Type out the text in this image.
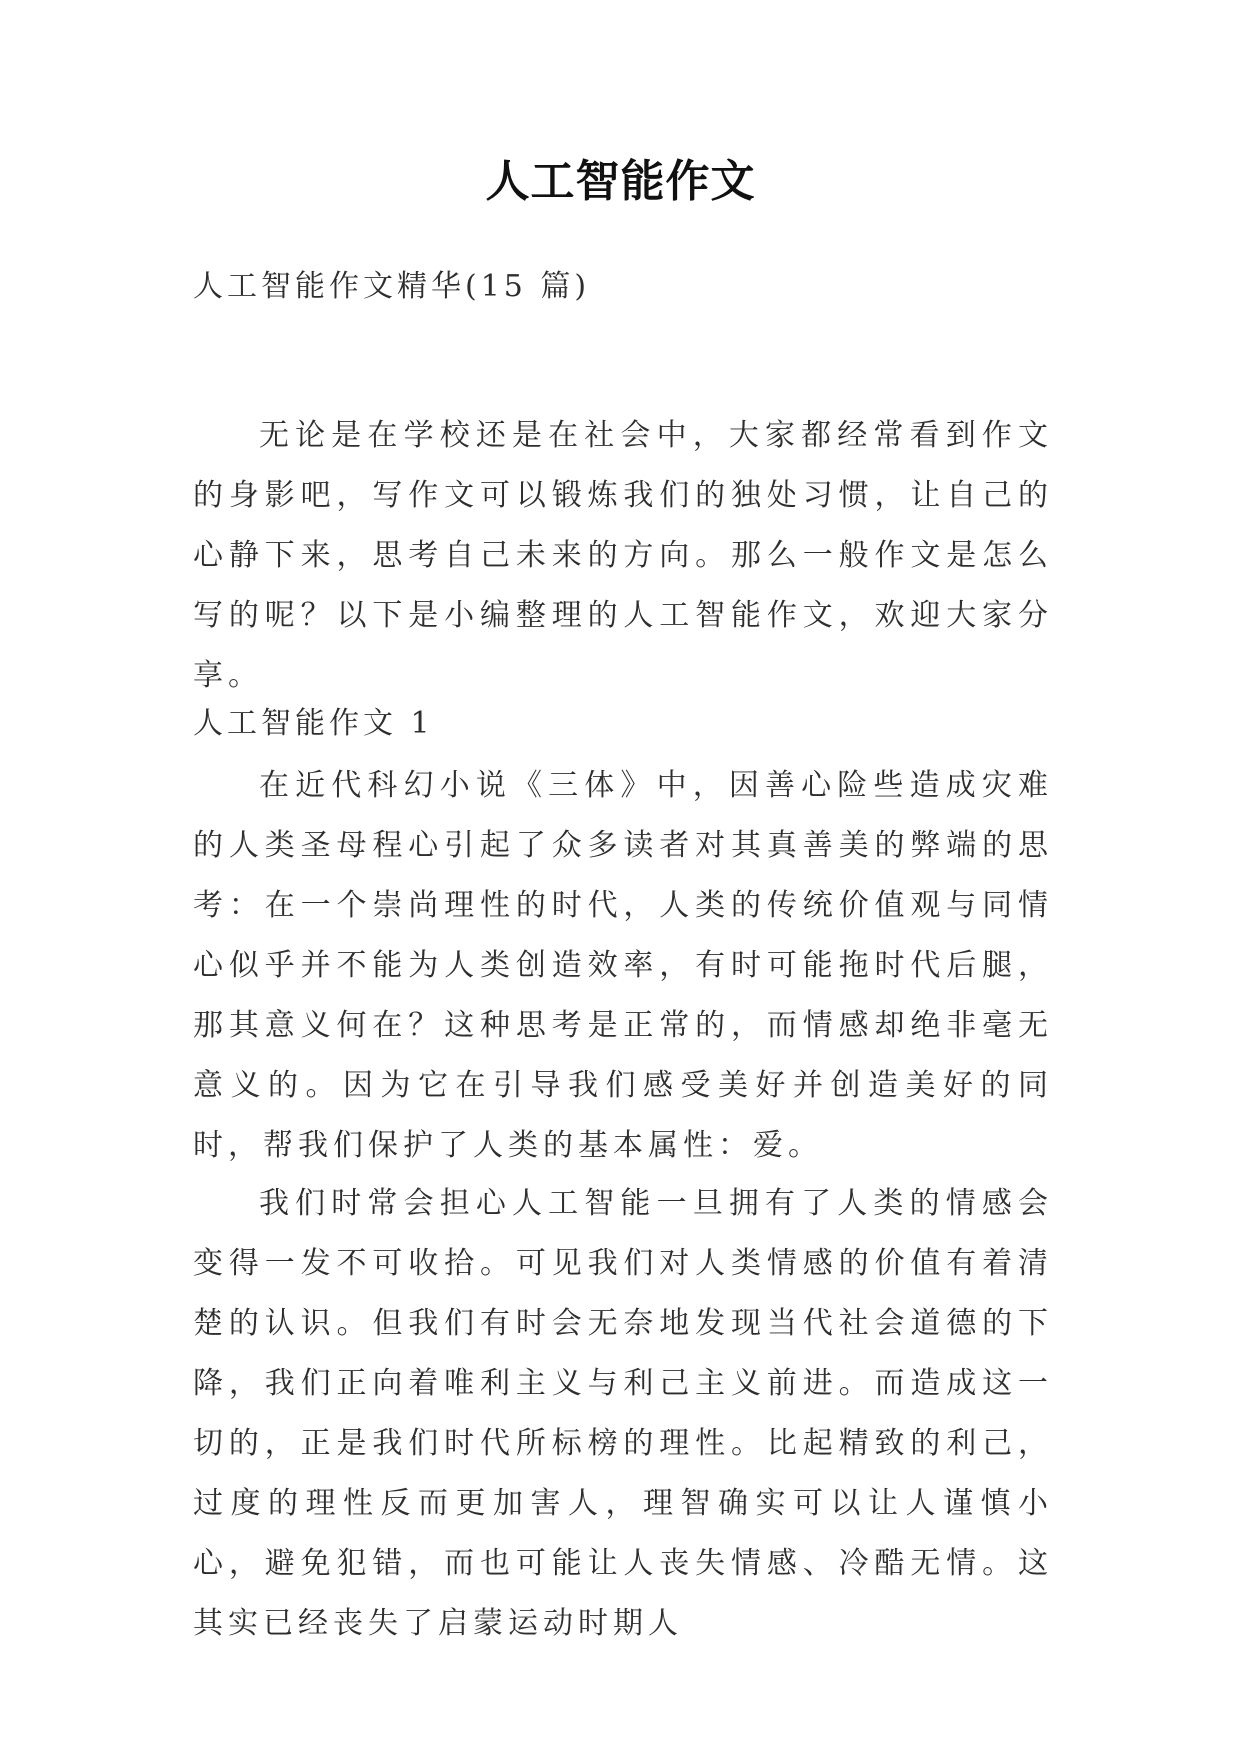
人工智能作文
人工智能作文精华(15 篇)
无论是在学校还是在社会中，大家都经常看到作文的身影吧，写作文可以锻炼我们的独处习惯，让自己的心静下来，思考自己未来的方向。那么一般作文是怎么写的呢？以下是小编整理的人工智能作文，欢迎大家分享。
人工智能作文 1
在近代科幻小说《三体》中，因善心险些造成灾难的人类圣母程心引起了众多读者对其真善美的弊端的思考：在一个崇尚理性的时代，人类的传统价值观与同情心似乎并不能为人类创造效率，有时可能拖时代后腿，那其意义何在？这种思考是正常的，而情感却绝非毫无意义的。因为它在引导我们感受美好并创造美好的同时，帮我们保护了人类的基本属性：爱。
我们时常会担心人工智能一旦拥有了人类的情感会变得一发不可收拾。可见我们对人类情感的价值有着清楚的认识。但我们有时会无奈地发现当代社会道德的下降，我们正向着唯利主义与利己主义前进。而造成这一切的，正是我们时代所标榜的理性。比起精致的利己，过度的理性反而更加害人，理智确实可以让人谨慎小心，避免犯错，而也可能让人丧失情感、冷酷无情。这其实已经丧失了启蒙运动时期人
